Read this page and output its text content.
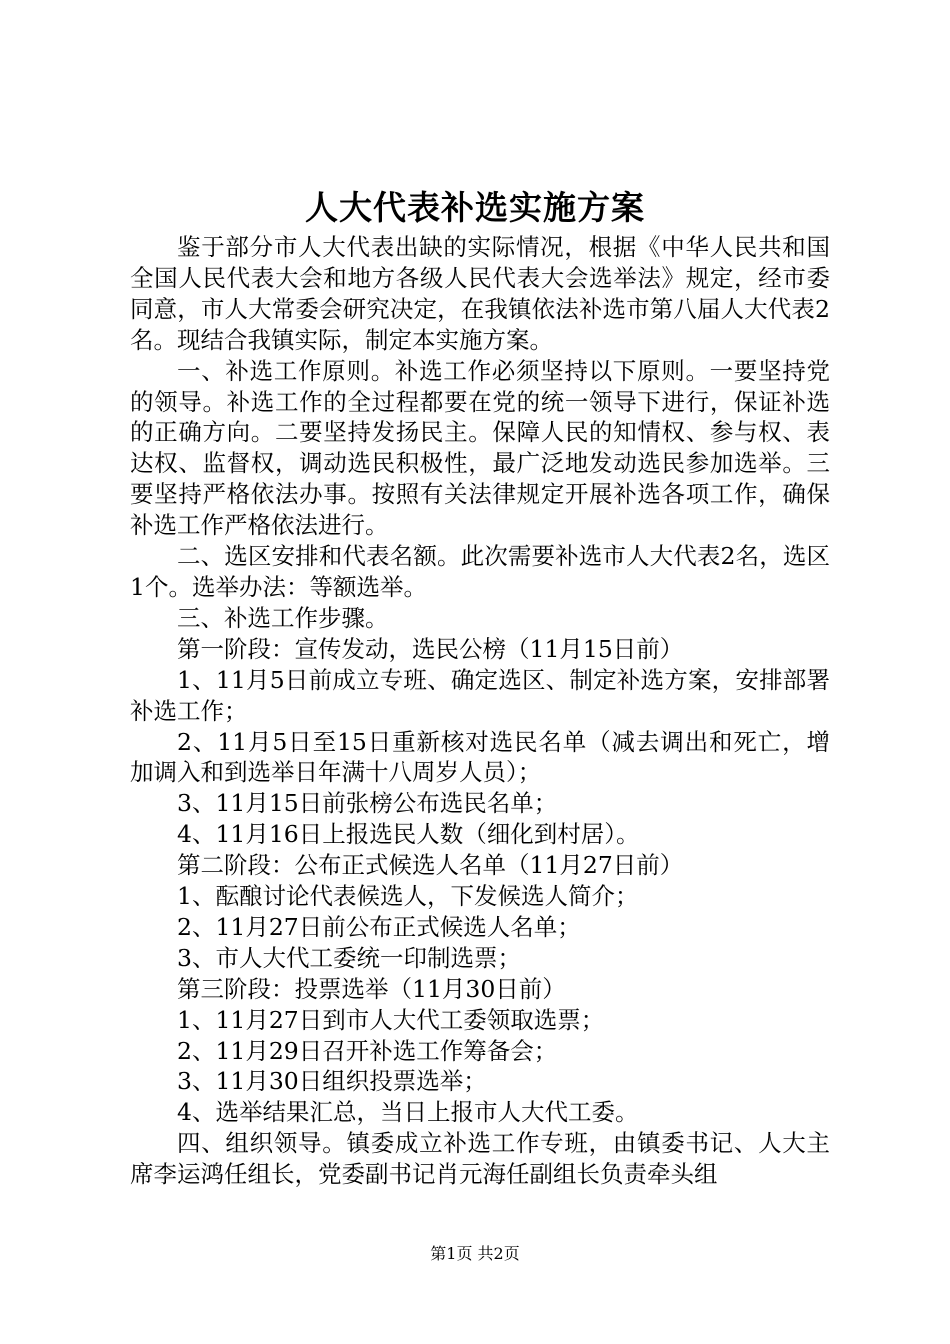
人大代表补选实施方案

鉴于部分市人大代表出缺的实际情况，根据《中华人民共和国全国人民代表大会和地方各级人民代表大会选举法》规定，经市委同意，市人大常委会研究决定，在我镇依法补选市第八届人大代表2名。现结合我镇实际，制定本实施方案。

一、补选工作原则。补选工作必须坚持以下原则。一要坚持党的领导。补选工作的全过程都要在党的统一领导下进行，保证补选的正确方向。二要坚持发扬民主。保障人民的知情权、参与权、表达权、监督权，调动选民积极性，最广泛地发动选民参加选举。三要坚持严格依法办事。按照有关法律规定开展补选各项工作，确保补选工作严格依法进行。

二、选区安排和代表名额。此次需要补选市人大代表2名，选区1个。选举办法：等额选举。

三、补选工作步骤。

第一阶段：宣传发动，选民公榜（11月15日前）

1、11月5日前成立专班、确定选区、制定补选方案，安排部署补选工作；

2、11月5日至15日重新核对选民名单（减去调出和死亡，增加调入和到选举日年满十八周岁人员）；

3、11月15日前张榜公布选民名单；

4、11月16日上报选民人数（细化到村居）。

第二阶段：公布正式候选人名单（11月27日前）

1、酝酿讨论代表候选人，下发候选人简介；

2、11月27日前公布正式候选人名单；

3、市人大代工委统一印制选票；

第三阶段：投票选举（11月30日前）

1、11月27日到市人大代工委领取选票；

2、11月29日召开补选工作筹备会；

3、11月30日组织投票选举；

4、选举结果汇总，当日上报市人大代工委。

四、组织领导。镇委成立补选工作专班，由镇委书记、人大主席李运鸿任组长，党委副书记肖元海任副组长负责牵头组

第1页 共2页
